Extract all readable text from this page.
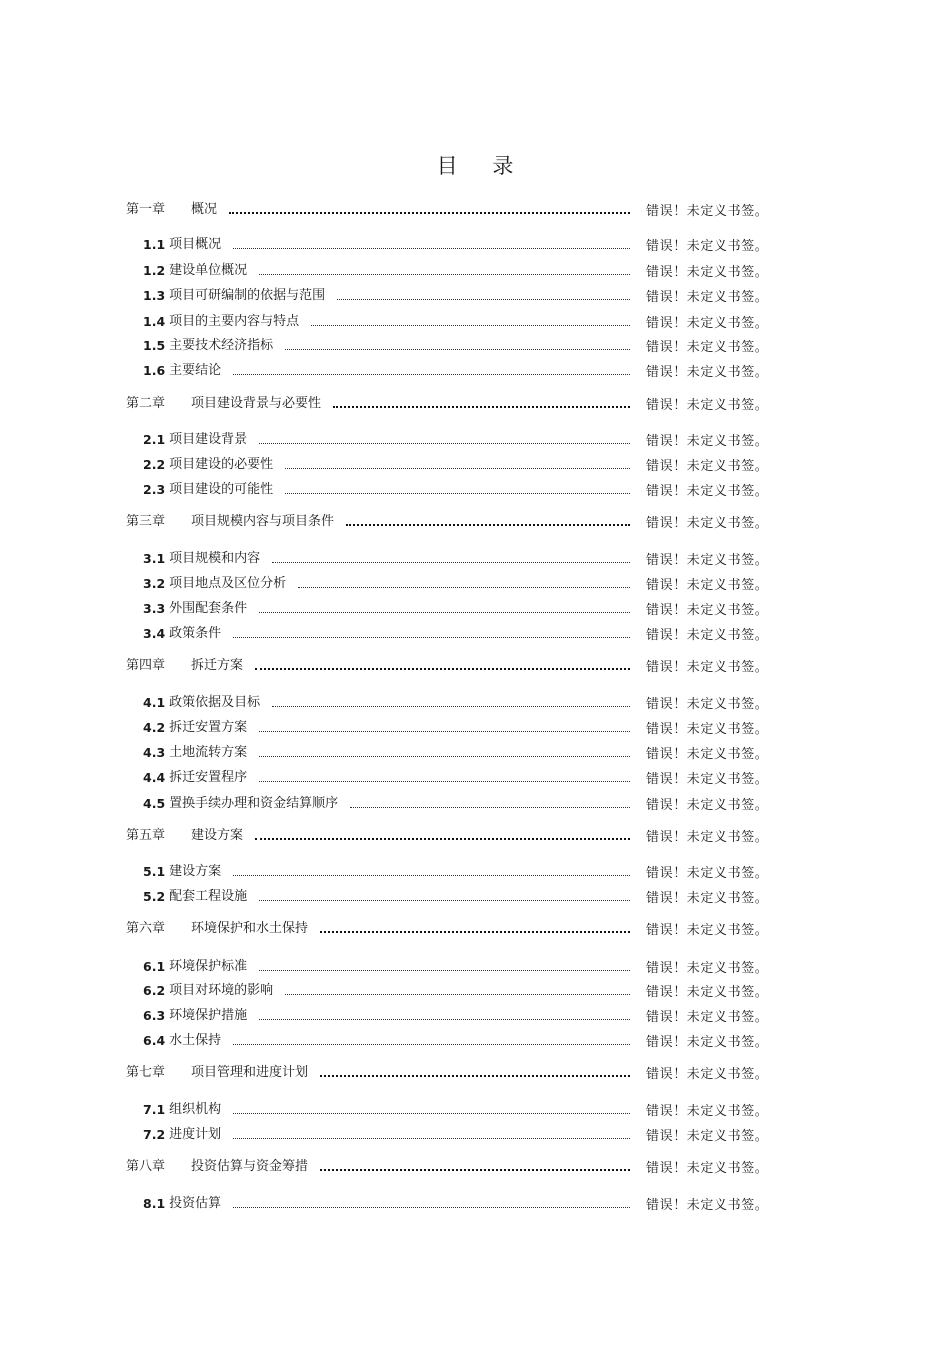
目 录
第一章 概况	错误！未定义书签。
1.1 项目概况	错误！未定义书签。
1.2 建设单位概况	错误！未定义书签。
1.3 项目可研编制的依据与范围	错误！未定义书签。
1.4 项目的主要内容与特点	错误！未定义书签。
1.5 主要技术经济指标	错误！未定义书签。
1.6 主要结论	错误！未定义书签。
第二章 项目建设背景与必要性	错误！未定义书签。
2.1 项目建设背景	错误！未定义书签。
2.2 项目建设的必要性	错误！未定义书签。
2.3 项目建设的可能性	错误！未定义书签。
第三章 项目规模内容与项目条件	错误！未定义书签。
3.1 项目规模和内容	错误！未定义书签。
3.2 项目地点及区位分析	错误！未定义书签。
3.3 外围配套条件	错误！未定义书签。
3.4 政策条件	错误！未定义书签。
第四章 拆迁方案	错误！未定义书签。
4.1 政策依据及目标	错误！未定义书签。
4.2 拆迁安置方案	错误！未定义书签。
4.3 土地流转方案	错误！未定义书签。
4.4 拆迁安置程序	错误！未定义书签。
4.5 置换手续办理和资金结算顺序	错误！未定义书签。
第五章 建设方案	错误！未定义书签。
5.1 建设方案	错误！未定义书签。
5.2 配套工程设施	错误！未定义书签。
第六章 环境保护和水土保持	错误！未定义书签。
6.1 环境保护标准	错误！未定义书签。
6.2 项目对环境的影响	错误！未定义书签。
6.3 环境保护措施	错误！未定义书签。
6.4 水土保持	错误！未定义书签。
第七章 项目管理和进度计划	错误！未定义书签。
7.1 组织机构	错误！未定义书签。
7.2 进度计划	错误！未定义书签。
第八章 投资估算与资金筹措	错误！未定义书签。
8.1 投资估算	错误！未定义书签。
